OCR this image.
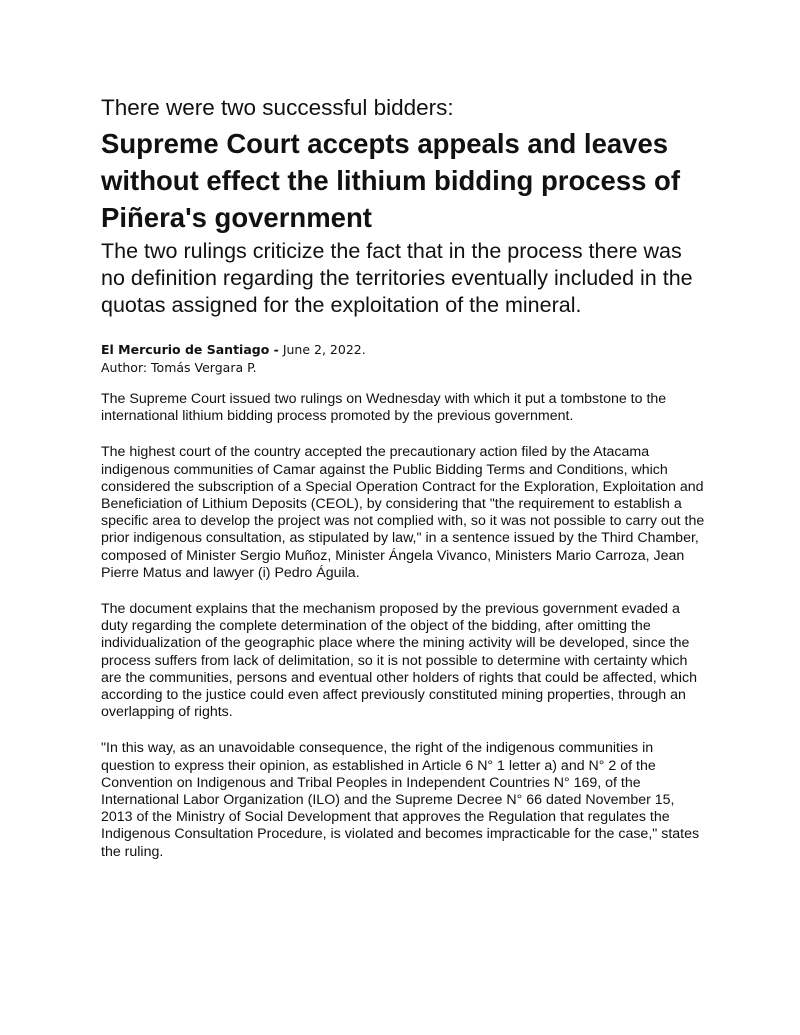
There were two successful bidders:
Supreme Court accepts appeals and leaves without effect the lithium bidding process of Piñera's government
The two rulings criticize the fact that in the process there was no definition regarding the territories eventually included in the quotas assigned for the exploitation of the mineral.
El Mercurio de Santiago - June 2, 2022.
Author: Tomás Vergara P.

The Supreme Court issued two rulings on Wednesday with which it put a tombstone to the international lithium bidding process promoted by the previous government.

The highest court of the country accepted the precautionary action filed by the Atacama indigenous communities of Camar against the Public Bidding Terms and Conditions, which considered the subscription of a Special Operation Contract for the Exploration, Exploitation and Beneficiation of Lithium Deposits (CEOL), by considering that "the requirement to establish a specific area to develop the project was not complied with, so it was not possible to carry out the prior indigenous consultation, as stipulated by law," in a sentence issued by the Third Chamber, composed of Minister Sergio Muñoz, Minister Ángela Vivanco, Ministers Mario Carroza, Jean Pierre Matus and lawyer (i) Pedro Águila.

The document explains that the mechanism proposed by the previous government evaded a duty regarding the complete determination of the object of the bidding, after omitting the individualization of the geographic place where the mining activity will be developed, since the process suffers from lack of delimitation, so it is not possible to determine with certainty which are the communities, persons and eventual other holders of rights that could be affected, which according to the justice could even affect previously constituted mining properties, through an overlapping of rights.

"In this way, as an unavoidable consequence, the right of the indigenous communities in question to express their opinion, as established in Article 6 N° 1 letter a) and N° 2 of the Convention on Indigenous and Tribal Peoples in Independent Countries N° 169, of the International Labor Organization (ILO) and the Supreme Decree N° 66 dated November 15, 2013 of the Ministry of Social Development that approves the Regulation that regulates the Indigenous Consultation Procedure, is violated and becomes impracticable for the case," states the ruling.
